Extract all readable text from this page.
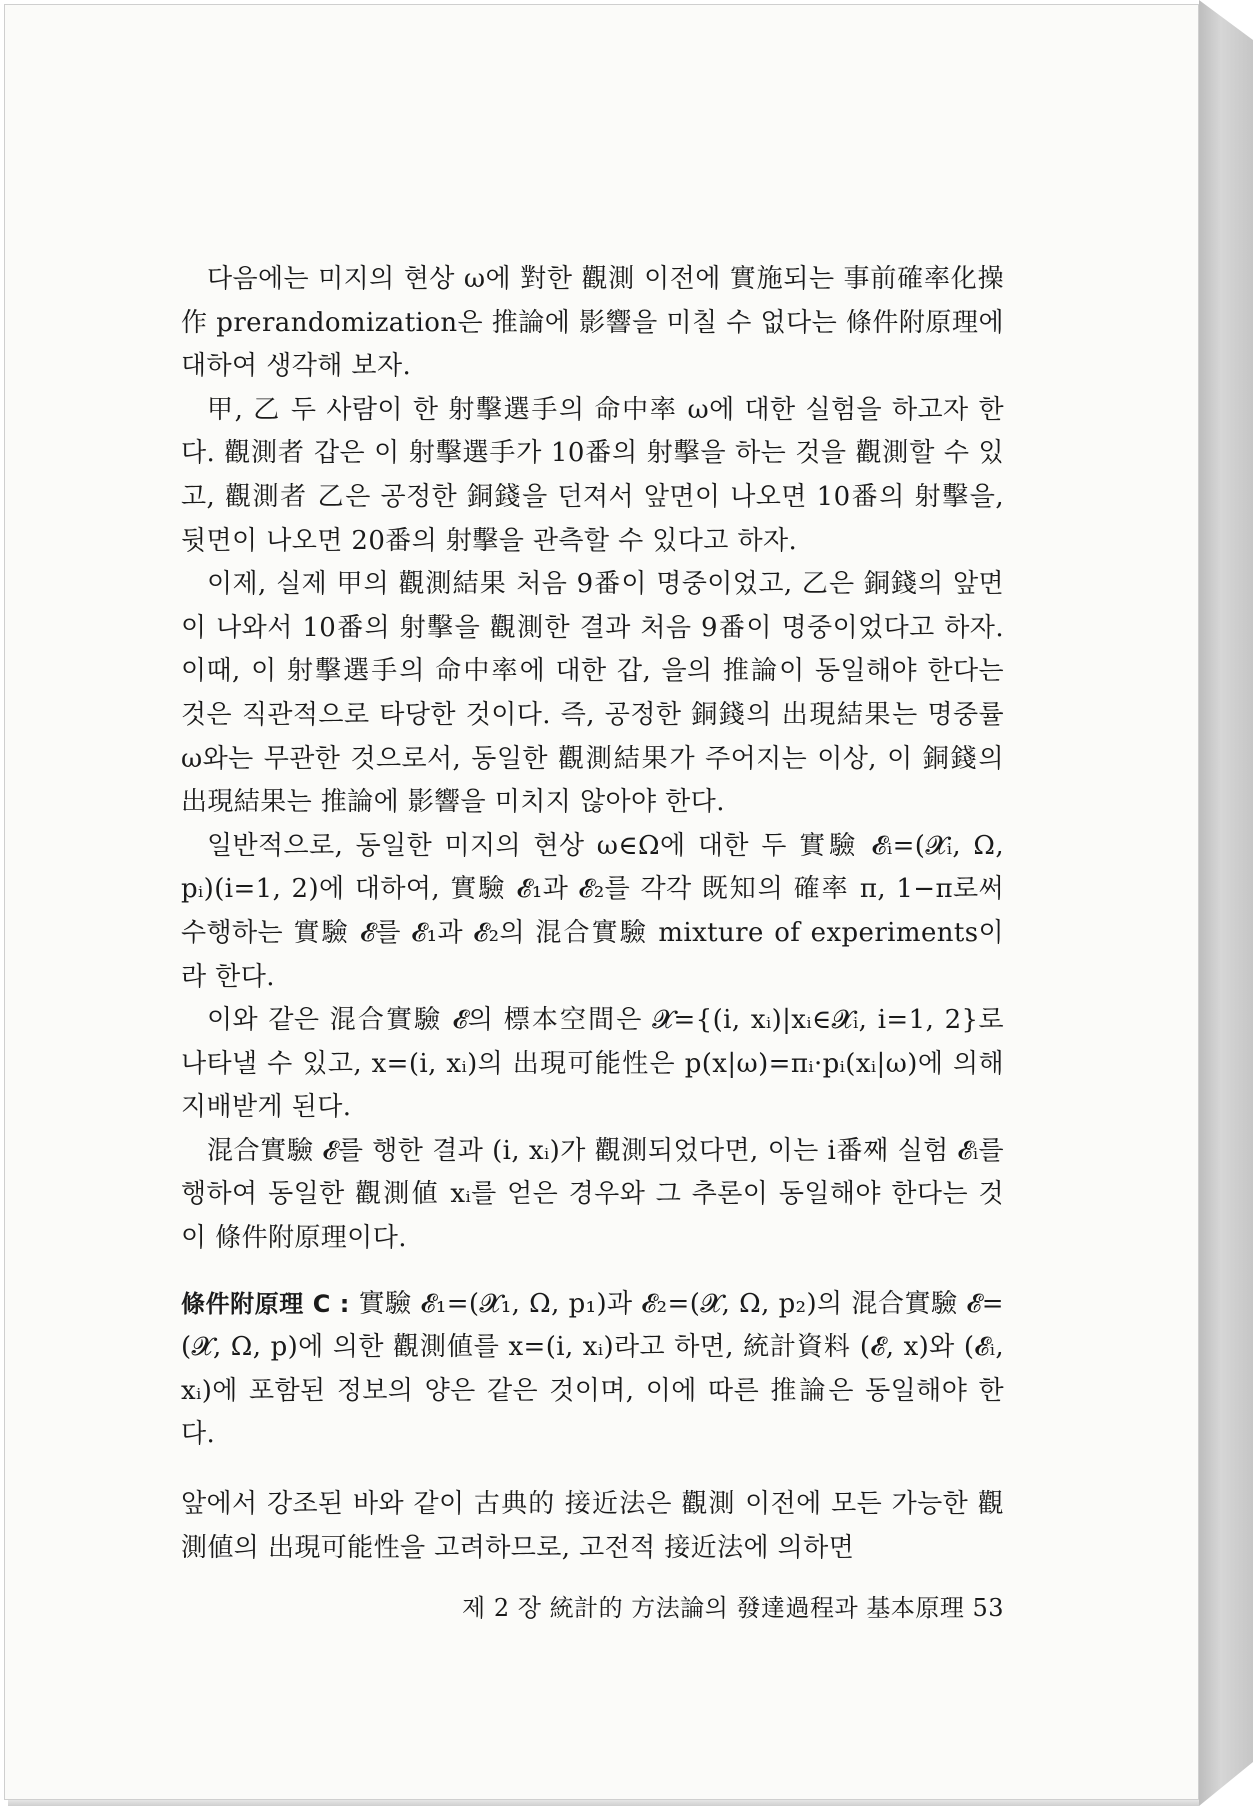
다음에는 미지의 현상 ω에 對한 觀測 이전에 實施되는 事前確率化操作 prerandomization은 推論에 影響을 미칠 수 없다는 條件附原理에 대하여 생각해 보자.

甲, 乙 두 사람이 한 射擊選手의 命中率 ω에 대한 실험을 하고자 한다. 觀測者 갑은 이 射擊選手가 10番의 射擊을 하는 것을 觀測할 수 있고, 觀測者 乙은 공정한 銅錢을 던져서 앞면이 나오면 10番의 射擊을, 뒷면이 나오면 20番의 射擊을 관측할 수 있다고 하자.

이제, 실제 甲의 觀測結果 처음 9番이 명중이었고, 乙은 銅錢의 앞면이 나와서 10番의 射擊을 觀測한 결과 처음 9番이 명중이었다고 하자. 이때, 이 射擊選手의 命中率에 대한 갑, 을의 推論이 동일해야 한다는 것은 직관적으로 타당한 것이다. 즉, 공정한 銅錢의 出現結果는 명중률 ω와는 무관한 것으로서, 동일한 觀測結果가 주어지는 이상, 이 銅錢의 出現結果는 推論에 影響을 미치지 않아야 한다.

일반적으로, 동일한 미지의 현상 ω∈Ω에 대한 두 實驗 𝓔ᵢ=(𝓧ᵢ, Ω, pᵢ)(i=1, 2)에 대하여, 實驗 𝓔₁과 𝓔₂를 각각 既知의 確率 π, 1−π로써 수행하는 實驗 𝓔를 𝓔₁과 𝓔₂의 混合實驗 mixture of experiments이라 한다.

이와 같은 混合實驗 𝓔의 標本空間은 𝓧={(i, xᵢ)|xᵢ∈𝓧ᵢ, i=1, 2}로 나타낼 수 있고, x=(i, xᵢ)의 出現可能性은 p(x|ω)=πᵢ·pᵢ(xᵢ|ω)에 의해 지배받게 된다.

混合實驗 𝓔를 행한 결과 (i, xᵢ)가 觀測되었다면, 이는 i番째 실험 𝓔ᵢ를 행하여 동일한 觀測値 xᵢ를 얻은 경우와 그 추론이 동일해야 한다는 것이 條件附原理이다.

條件附原理 C : 實驗 𝓔₁=(𝓧₁, Ω, p₁)과 𝓔₂=(𝓧, Ω, p₂)의 混合實驗 𝓔=(𝓧, Ω, p)에 의한 觀測値를 x=(i, xᵢ)라고 하면, 統計資料 (𝓔, x)와 (𝓔ᵢ, xᵢ)에 포함된 정보의 양은 같은 것이며, 이에 따른 推論은 동일해야 한다.

앞에서 강조된 바와 같이 古典的 接近法은 觀測 이전에 모든 가능한 觀測値의 出現可能性을 고려하므로, 고전적 接近法에 의하면

제 2 장 統計的 方法論의 發達過程과 基本原理 53
